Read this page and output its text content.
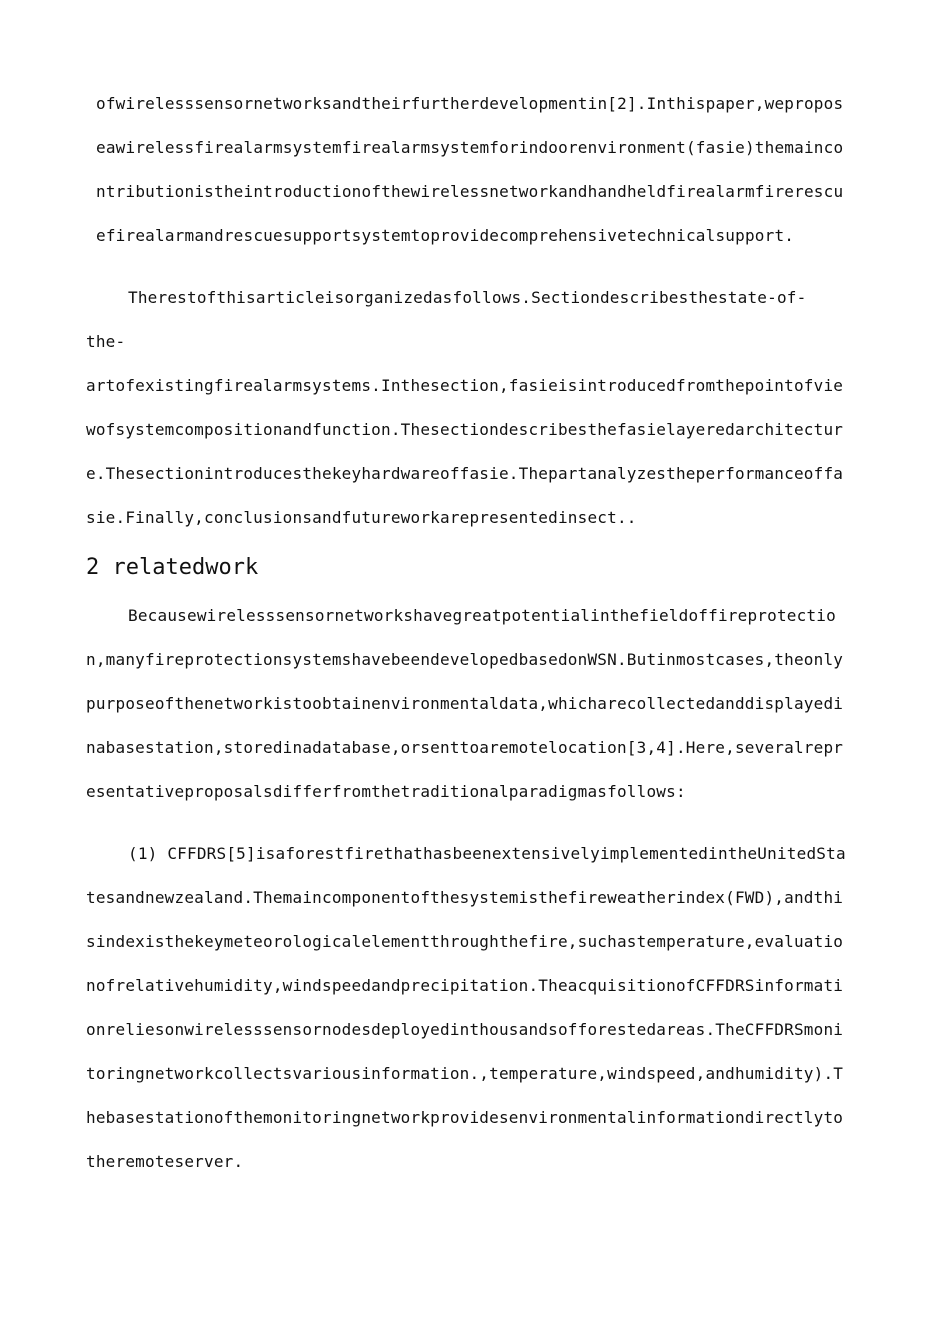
ofwirelesssensornetworksandtheirfurtherdevelopmentin[2].Inthispaper,wepropos
eawirelessfirealarmsystemfirealarmsystemforindoorenvironment(fasie)themainco
ntributionistheintroductionofthewirelessnetworkandhandheldfirealarmfirerescu
efirealarmandrescuesupportsystemtoprovidecomprehensivetechnicalsupport.

Therestofthisarticleisorganizedasfollows.Sectiondescribesthestate-of-
the-
artofexistingfirealarmsystems.Inthesection,fasieisintroducedfromthepointofvie
wofsystemcompositionandfunction.Thesectiondescribesthefasielayeredarchitectur
e.Thesectionintroducesthekeyhardwareoffasie.Thepartanalyzestheperformanceoffa
sie.Finally,conclusionsandfutureworkarepresentedinsect..

2 relatedwork

Becausewirelesssensornetworkshavegreatpotentialinthefieldoffireprotectio
n,manyfireprotectionsystemshavebeendevelopedbasedonWSN.Butinmostcases,theonly
purposeofthenetworkistoobtainenvironmentaldata,whicharecollectedanddisplayedi
nabasestation,storedinadatabase,orsenttoaremotelocation[3,4].Here,severalrepr
esentativeproposalsdifferfromthetraditionalparadigmasfollows:

(1) CFFDRS[5]isaforestfirethathasbeenextensivelyimplementedintheUnitedSta
tesandnewzealand.Themaincomponentofthesystemisthefireweatherindex(FWD),andthi
sindexisthekeymeteorologicalelementthroughthefire,suchastemperature,evaluatio
nofrelativehumidity,windspeedandprecipitation.TheacquisitionofCFFDRSinformati
onreliesonwirelesssensornodesdeployedinthousandsofforestedareas.TheCFFDRSmoni
toringnetworkcollectsvariousinformation.,temperature,windspeed,andhumidity).T
hebasestationofthemonitoringnetworkprovidesenvironmentalinformationdirectlyto
theremoteserver.
